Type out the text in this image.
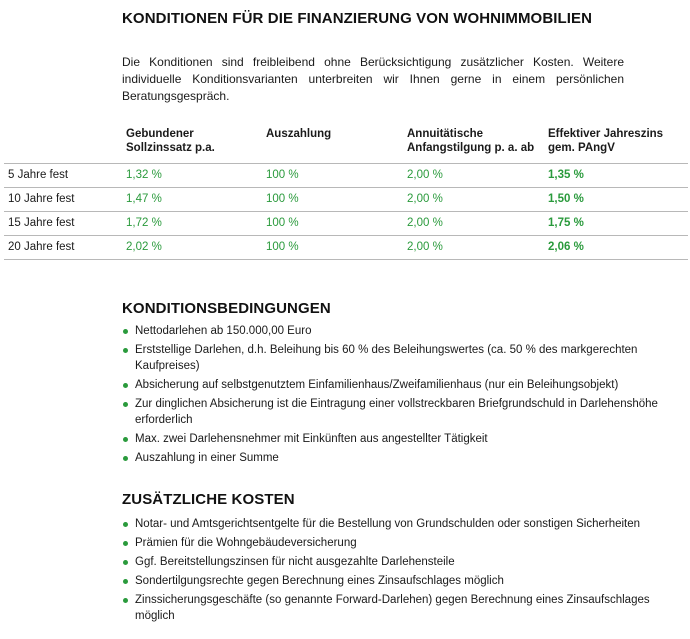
KONDITIONEN FÜR DIE FINANZIERUNG VON WOHNIMMOBILIEN

Die Konditionen sind freibleibend ohne Berücksichtigung zusätzlicher Kosten. Weitere individuelle Konditionsvarianten unterbreiten wir Ihnen gerne in einem persönlichen Beratungsgespräch.

	Gebundener Sollzinssatz p.a.	Auszahlung	Annuitätische Anfangstilgung p. a. ab	Effektiver Jahreszins gem. PAngV
5 Jahre fest	1,32 %	100 %	2,00 %	1,35 %
10 Jahre fest	1,47 %	100 %	2,00 %	1,50 %
15 Jahre fest	1,72 %	100 %	2,00 %	1,75 %
20 Jahre fest	2,02 %	100 %	2,00 %	2,06 %
KONDITIONSBEDINGUNGEN
Nettodarlehen ab 150.000,00 Euro
Erststellige Darlehen, d.h. Beleihung bis 60 % des Beleihungswertes (ca. 50 % des markgerechten Kaufpreises)
Absicherung auf selbstgenutztem Einfamilienhaus/Zweifamilienhaus (nur ein Beleihungsobjekt)
Zur dinglichen Absicherung ist die Eintragung einer vollstreckbaren Briefgrundschuld in Darlehenshöhe erforderlich
Max. zwei Darlehensnehmer mit Einkünften aus angestellter Tätigkeit
Auszahlung in einer Summe
ZUSÄTZLICHE KOSTEN
Notar- und Amtsgerichtsentgelte für die Bestellung von Grundschulden oder sonstigen Sicherheiten
Prämien für die Wohngebäudeversicherung
Ggf. Bereitstellungszinsen für nicht ausgezahlte Darlehensteile
Sondertilgungsrechte gegen Berechnung eines Zinsaufschlages möglich
Zinssicherungsgeschäfte (so genannte Forward-Darlehen) gegen Berechnung eines Zinsaufschlages möglich
